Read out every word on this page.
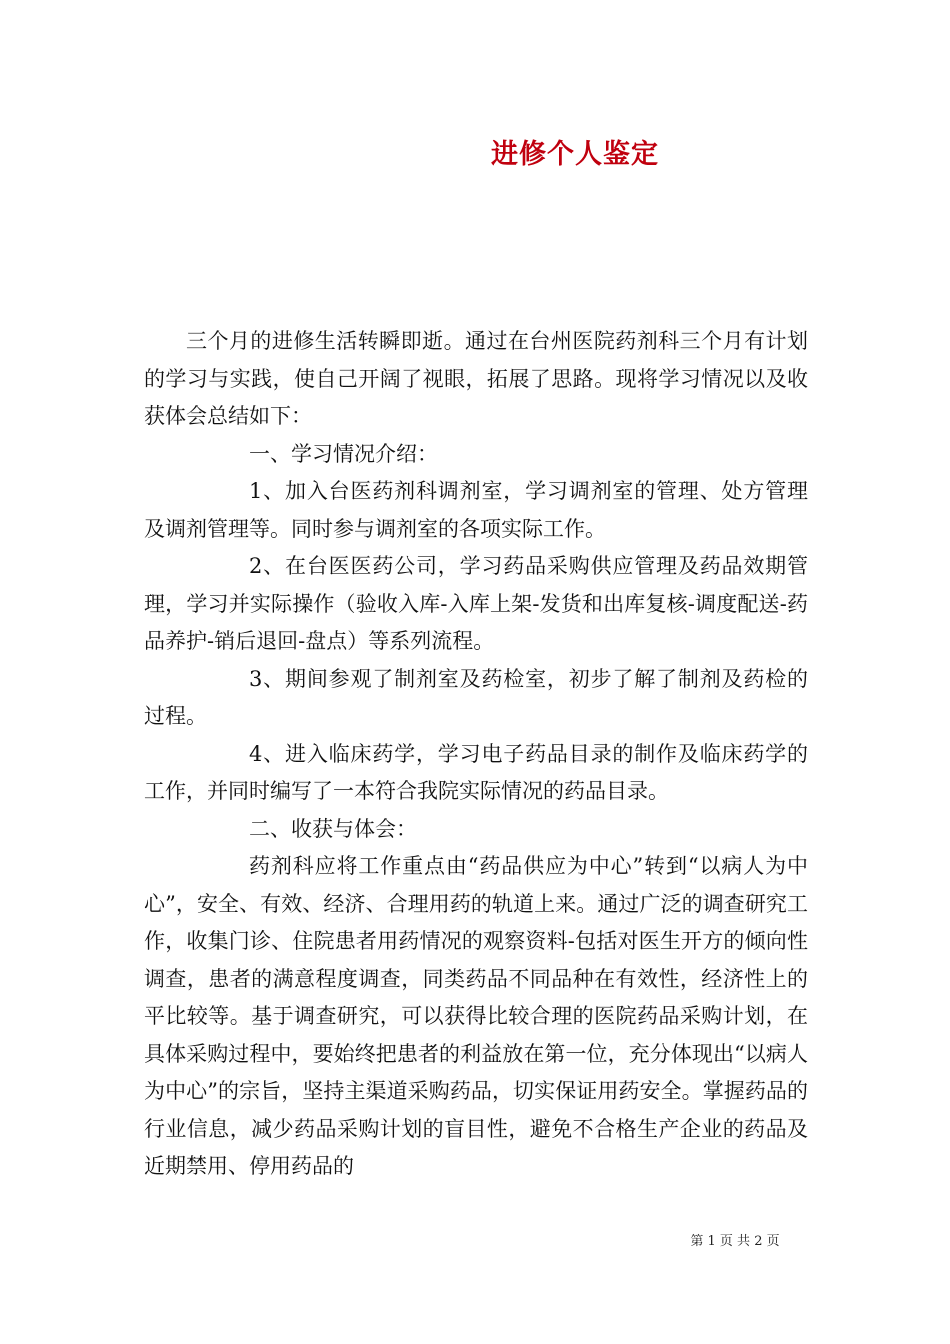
进修个人鉴定

三个月的进修生活转瞬即逝。通过在台州医院药剂科三个月有计划的学习与实践，使自己开阔了视眼，拓展了思路。现将学习情况以及收获体会总结如下：

一、学习情况介绍：

1、加入台医药剂科调剂室，学习调剂室的管理、处方管理及调剂管理等。同时参与调剂室的各项实际工作。

2、在台医医药公司，学习药品采购供应管理及药品效期管理，学习并实际操作（验收入库-入库上架-发货和出库复核-调度配送-药品养护-销后退回-盘点）等系列流程。

3、期间参观了制剂室及药检室，初步了解了制剂及药检的过程。

4、进入临床药学，学习电子药品目录的制作及临床药学的工作，并同时编写了一本符合我院实际情况的药品目录。

二、收获与体会：

药剂科应将工作重点由“药品供应为中心”转到“以病人为中心”，安全、有效、经济、合理用药的轨道上来。通过广泛的调查研究工作，收集门诊、住院患者用药情况的观察资料-包括对医生开方的倾向性调查，患者的满意程度调查，同类药品不同品种在有效性，经济性上的平比较等。基于调查研究，可以获得比较合理的医院药品采购计划，在具体采购过程中，要始终把患者的利益放在第一位，充分体现出“以病人为中心”的宗旨，坚持主渠道采购药品，切实保证用药安全。掌握药品的行业信息，减少药品采购计划的盲目性，避免不合格生产企业的药品及近期禁用、停用药品的

第 1 页 共 2 页
